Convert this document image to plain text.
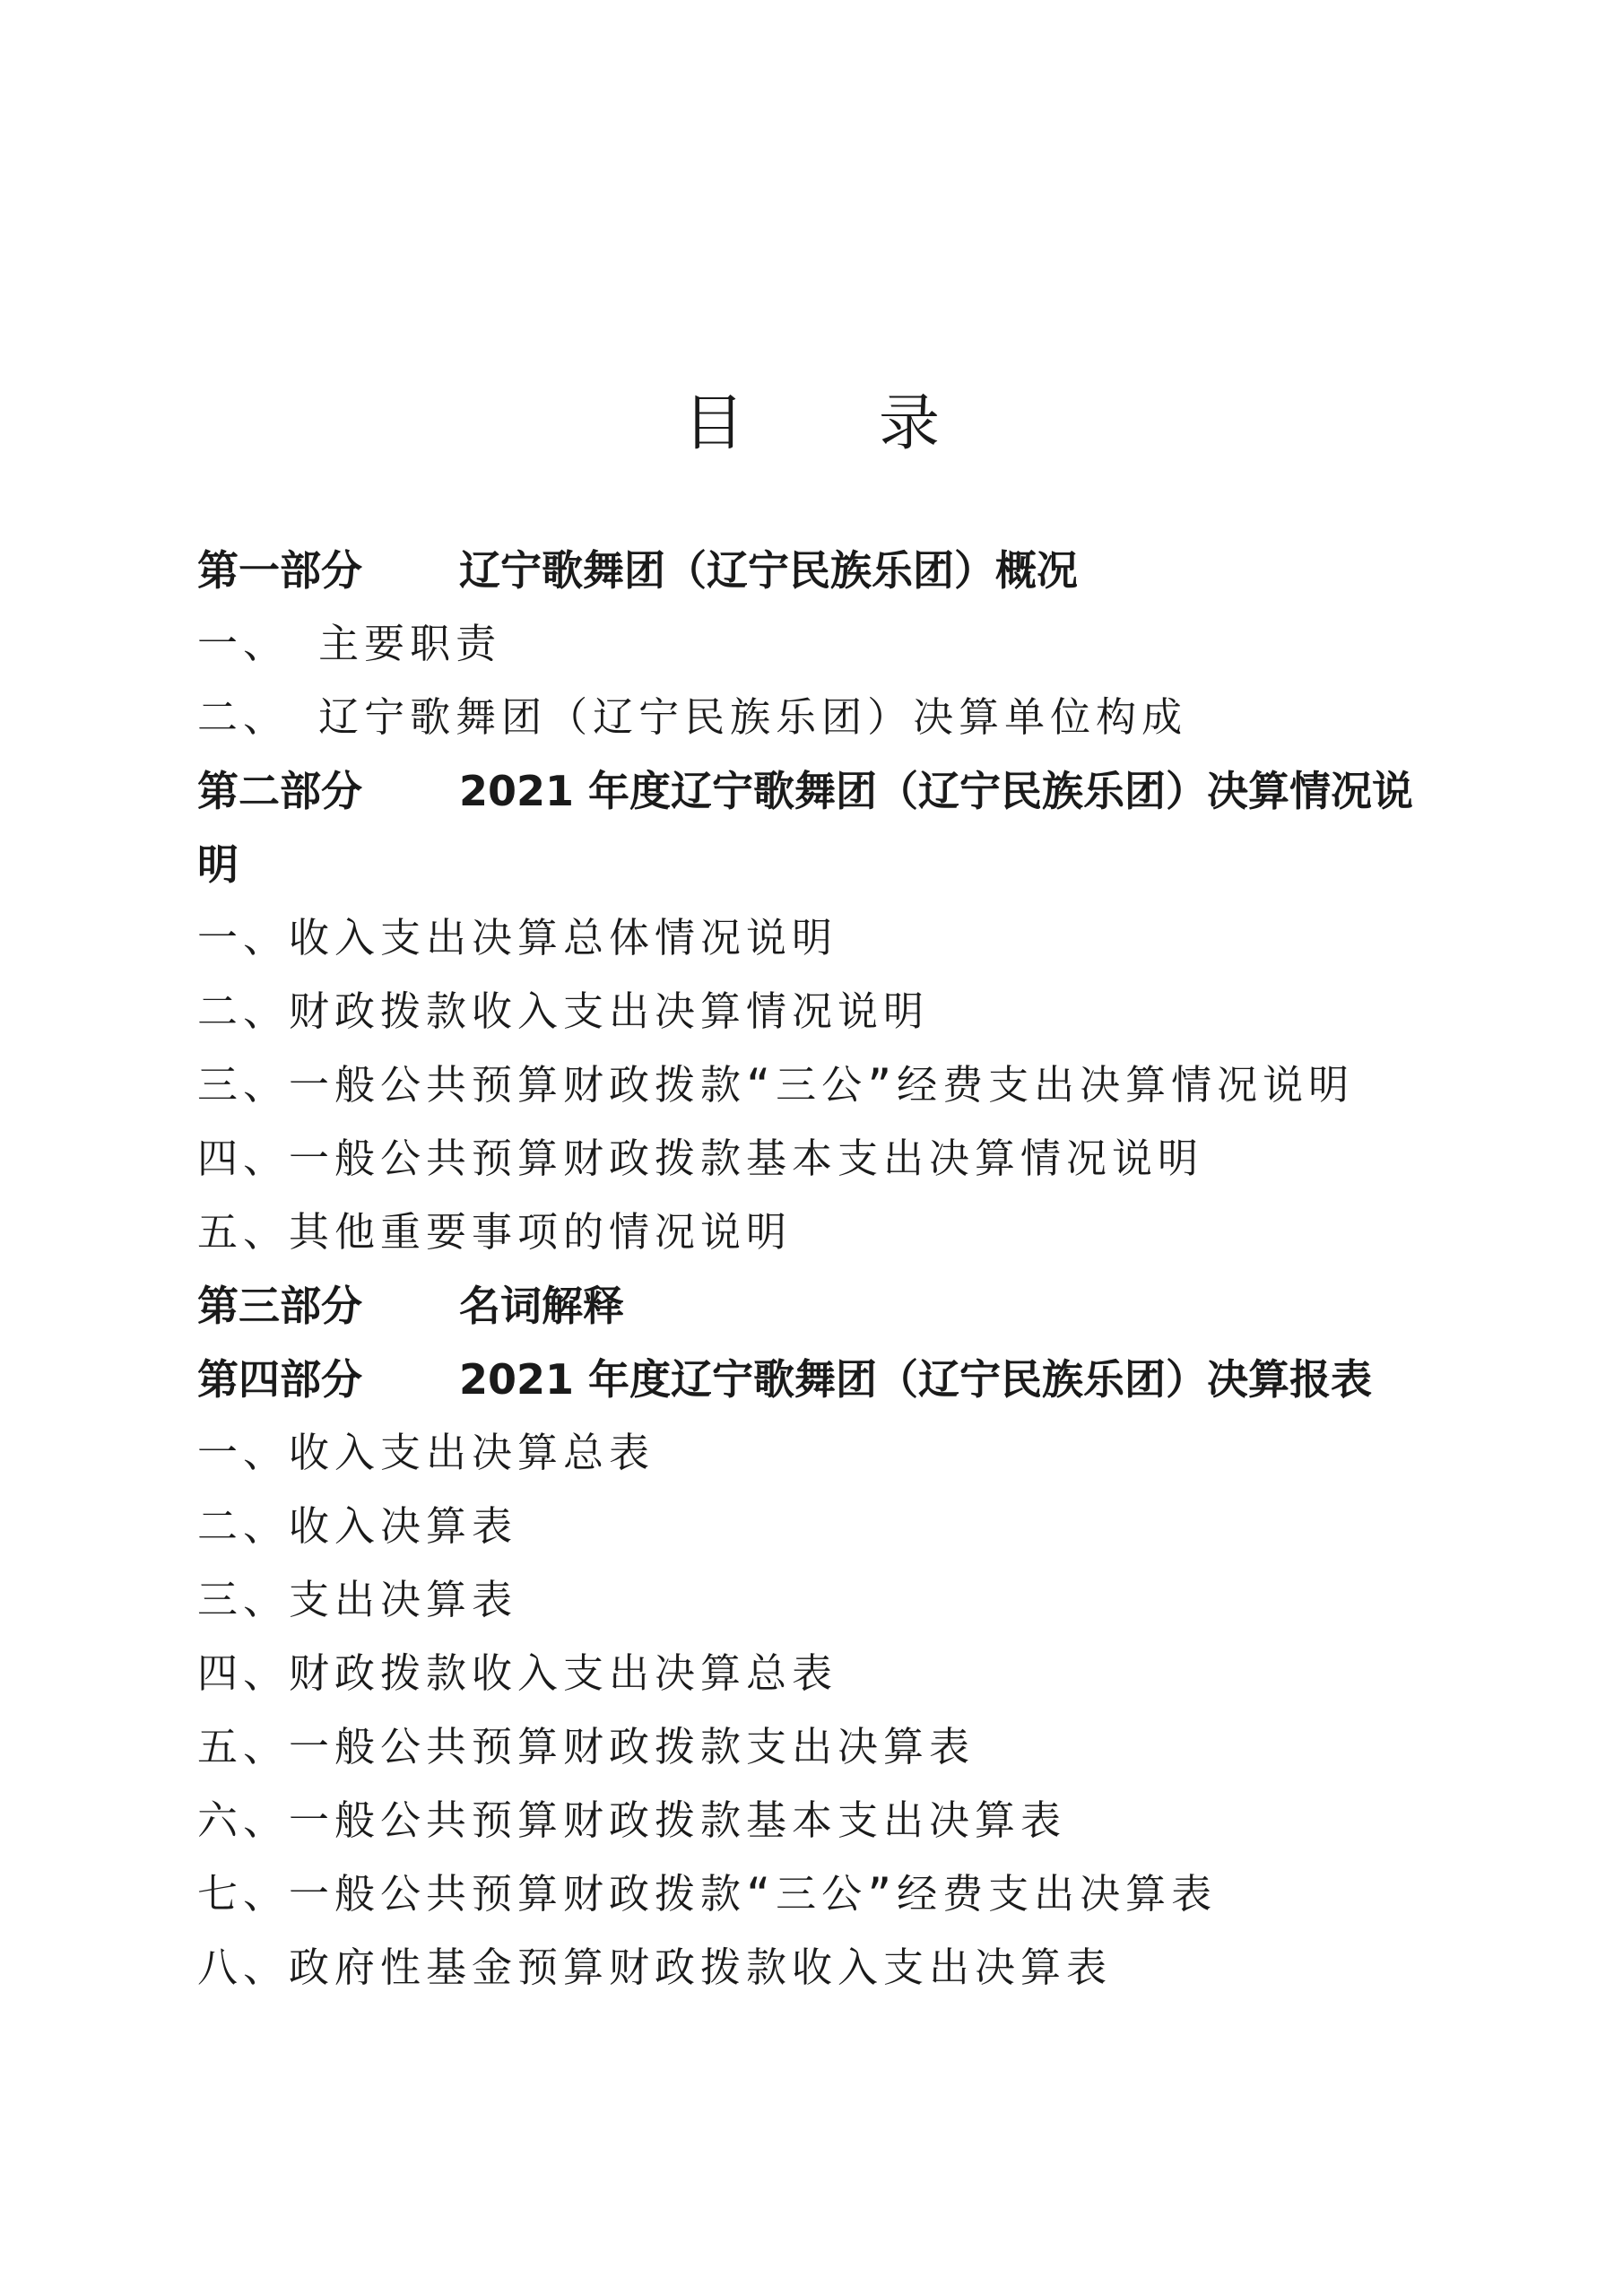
目 录
第一部分	辽宁歌舞团（辽宁民族乐团）概况
一、 主要职责
二、 辽宁歌舞团（辽宁民族乐团）决算单位构成
第二部分 2021 年度辽宁歌舞团（辽宁民族乐团）决算情况说明
一、收入支出决算总体情况说明
二、财政拨款收入支出决算情况说明
三、一般公共预算财政拨款“三公”经费支出决算情况说明
四、一般公共预算财政拨款基本支出决算情况说明
五、其他重要事项的情况说明
第三部分	名词解释
第四部分	2021 年度辽宁歌舞团（辽宁民族乐团）决算报表
一、收入支出决算总表
二、收入决算表
三、支出决算表
四、财政拨款收入支出决算总表
五、一般公共预算财政拨款支出决算表
六、一般公共预算财政拨款基本支出决算表
七、一般公共预算财政拨款“三公”经费支出决算表
八、政府性基金预算财政拨款收入支出决算表
